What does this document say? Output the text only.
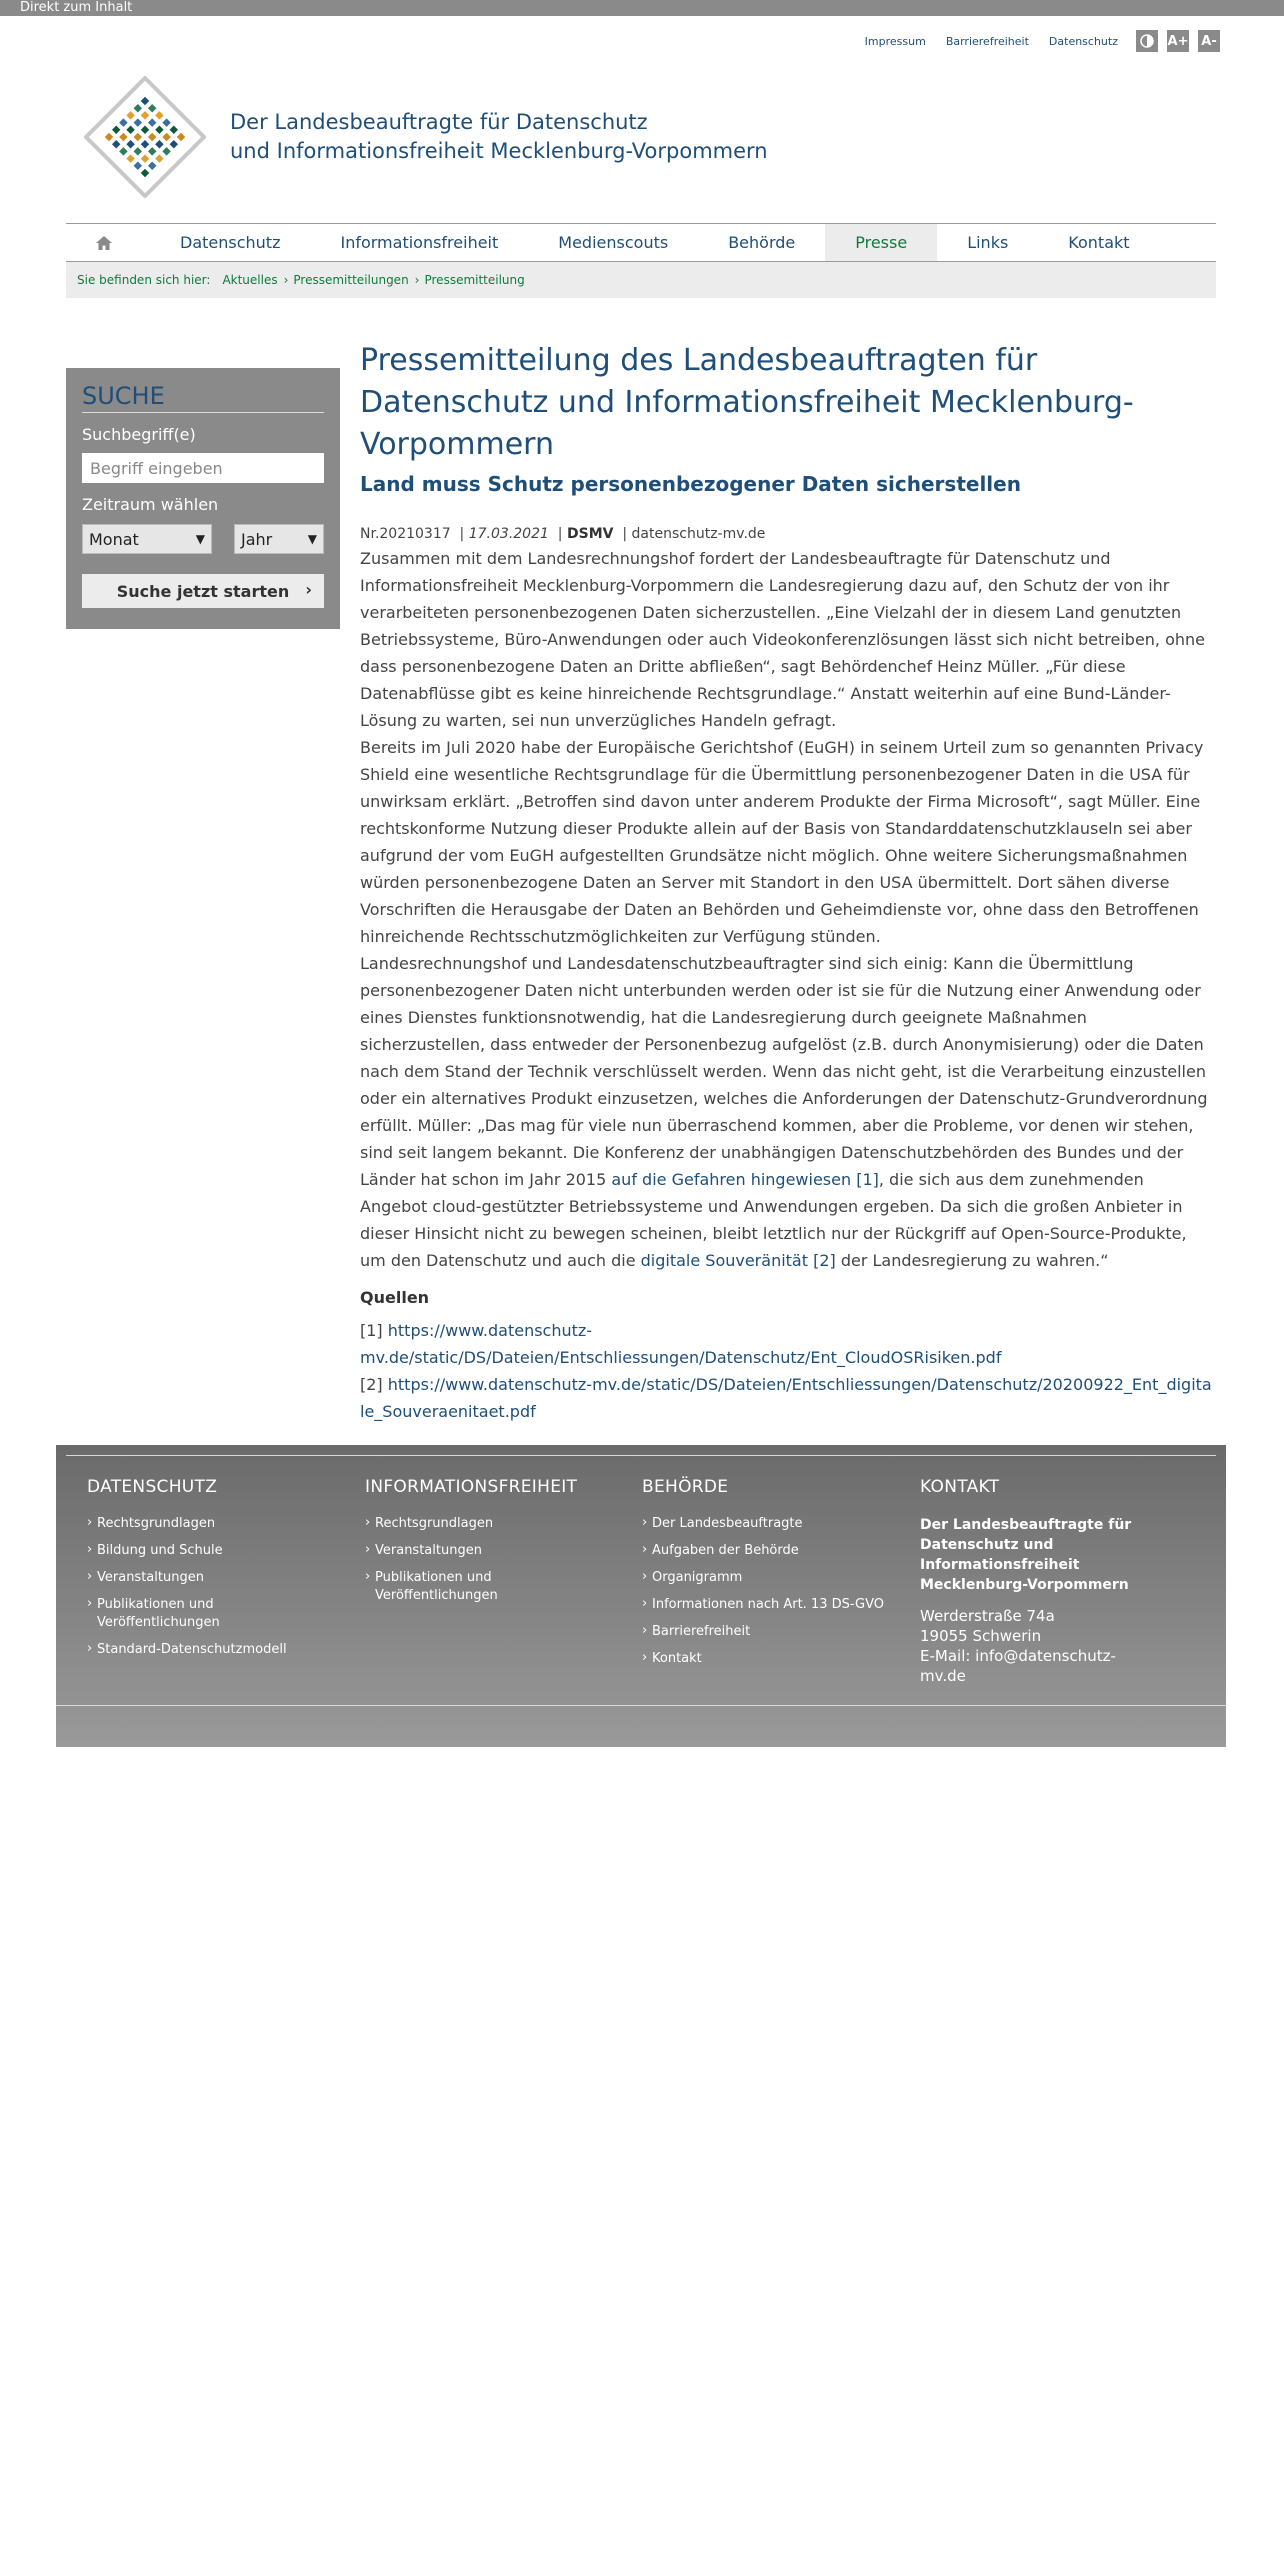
Direkt zum Inhalt
Impressum Barrierefreiheit Datenschutz	A+ A-
Der Landesbeauftragte für Datenschutz
und Informationsfreiheit Mecklenburg-Vorpommern
Datenschutz	Informationsfreiheit	Medienscouts	Behörde	Presse	Links	Kontakt
Sie befinden sich hier: Aktuelles › Pressemitteilungen › Pressemitteilung
SUCHE
Suchbegriff(e)
Begriff eingeben
Zeitraum wählen
Monat	▼ Jahr	▼
Suche jetzt starten ›
Pressemitteilung des Landesbeauftragten für Datenschutz und Informationsfreiheit Mecklenburg-Vorpommern
Land muss Schutz personenbezogener Daten sicherstellen
Nr.20210317  | 17.03.2021  | DSMV  | datenschutz-mv.de

Zusammen mit dem Landesrechnungshof fordert der Landesbeauftragte für Datenschutz und Informationsfreiheit Mecklenburg-Vorpommern die Landesregierung dazu auf, den Schutz der von ihr verarbeiteten personenbezogenen Daten sicherzustellen. „Eine Vielzahl der in diesem Land genutzten Betriebssysteme, Büro-Anwendungen oder auch Videokonferenzlösungen lässt sich nicht betreiben, ohne dass personenbezogene Daten an Dritte abfließen“, sagt Behördenchef Heinz Müller. „Für diese Datenabflüsse gibt es keine hinreichende Rechtsgrundlage.“ Anstatt weiterhin auf eine Bund-Länder-Lösung zu warten, sei nun unverzügliches Handeln gefragt.

Bereits im Juli 2020 habe der Europäische Gerichtshof (EuGH) in seinem Urteil zum so genannten Privacy Shield eine wesentliche Rechtsgrundlage für die Übermittlung personenbezogener Daten in die USA für unwirksam erklärt. „Betroffen sind davon unter anderem Produkte der Firma Microsoft“, sagt Müller. Eine rechtskonforme Nutzung dieser Produkte allein auf der Basis von Standarddatenschutzklauseln sei aber aufgrund der vom EuGH aufgestellten Grundsätze nicht möglich. Ohne weitere Sicherungsmaßnahmen würden personenbezogene Daten an Server mit Standort in den USA übermittelt. Dort sähen diverse Vorschriften die Herausgabe der Daten an Behörden und Geheimdienste vor, ohne dass den Betroffenen hinreichende Rechtsschutzmöglichkeiten zur Verfügung stünden.

Landesrechnungshof und Landesdatenschutzbeauftragter sind sich einig: Kann die Übermittlung personenbezogener Daten nicht unterbunden werden oder ist sie für die Nutzung einer Anwendung oder eines Dienstes funktionsnotwendig, hat die Landesregierung durch geeignete Maßnahmen sicherzustellen, dass entweder der Personenbezug aufgelöst (z.B. durch Anonymisierung) oder die Daten nach dem Stand der Technik verschlüsselt werden. Wenn das nicht geht, ist die Verarbeitung einzustellen oder ein alternatives Produkt einzusetzen, welches die Anforderungen der Datenschutz-Grundverordnung erfüllt. Müller: „Das mag für viele nun überraschend kommen, aber die Probleme, vor denen wir stehen, sind seit langem bekannt. Die Konferenz der unabhängigen Datenschutzbehörden des Bundes und der Länder hat schon im Jahr 2015 auf die Gefahren hingewiesen [1], die sich aus dem zunehmenden Angebot cloud-gestützter Betriebssysteme und Anwendungen ergeben. Da sich die großen Anbieter in dieser Hinsicht nicht zu bewegen scheinen, bleibt letztlich nur der Rückgriff auf Open-Source-Produkte, um den Datenschutz und auch die digitale Souveränität [2] der Landesregierung zu wahren.“

Quellen
[1] https://www.datenschutz-mv.de/static/DS/Dateien/Entschliessungen/Datenschutz/Ent_CloudOSRisiken.pdf
[2] https://www.datenschutz-mv.de/static/DS/Dateien/Entschliessungen/Datenschutz/20200922_Ent_digitale_Souveraenitaet.pdf
DATENSCHUTZ
› Rechtsgrundlagen
› Bildung und Schule
› Veranstaltungen
› Publikationen und Veröffentlichungen
› Standard-Datenschutzmodell
INFORMATIONSFREIHEIT
› Rechtsgrundlagen
› Veranstaltungen
› Publikationen und Veröffentlichungen
BEHÖRDE
› Der Landesbeauftragte
› Aufgaben der Behörde
› Organigramm
› Informationen nach Art. 13 DS-GVO
› Barrierefreiheit
› Kontakt
KONTAKT
Der Landesbeauftragte für Datenschutz und Informationsfreiheit Mecklenburg-Vorpommern
Werderstraße 74a
19055 Schwerin
E-Mail: info@datenschutz-mv.de
